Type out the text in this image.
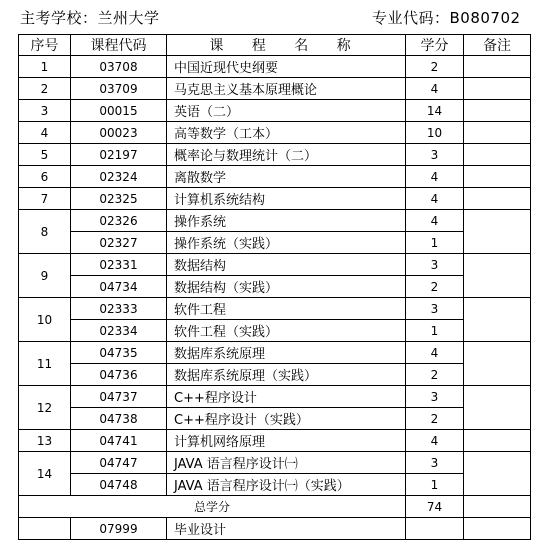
主考学校：兰州大学	专业代码：B080702
序号	课程代码	课 程 名 称	学分	备注
1	03708	中国近现代史纲要	2	
2	03709	马克思主义基本原理概论	4	
3	00015	英语（二）	14	
4	00023	高等数学（工本）	10	
5	02197	概率论与数理统计（二）	3	
6	02324	离散数学	4	
7	02325	计算机系统结构	4	
8	02326	操作系统	4	
	02327	操作系统（实践）	1	
9	02331	数据结构	3	
	04734	数据结构（实践）	2	
10	02333	软件工程	3	
	02334	软件工程（实践）	1	
11	04735	数据库系统原理	4	
	04736	数据库系统原理（实践）	2	
12	04737	C++程序设计	3	
	04738	C++程序设计（实践）	2	
13	04741	计算机网络原理	4	
14	04747	JAVA 语言程序设计㈠	3	
	04748	JAVA 语言程序设计㈠（实践）	1	
总学分			74	
	07999	毕业设计		
